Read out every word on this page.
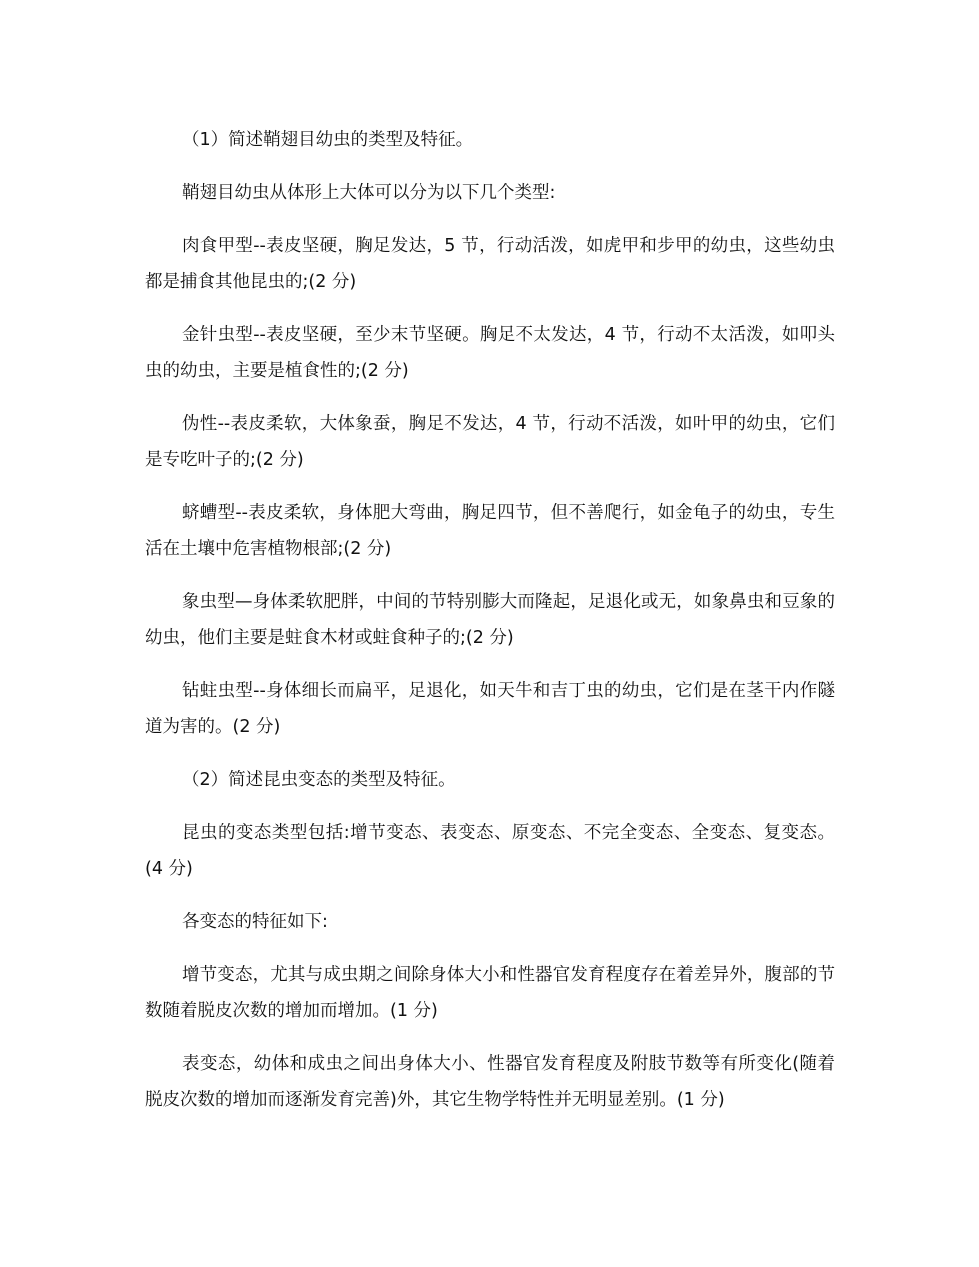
（1）简述鞘翅目幼虫的类型及特征。

鞘翅目幼虫从体形上大体可以分为以下几个类型:

肉食甲型--表皮坚硬，胸足发达，5 节，行动活泼，如虎甲和步甲的幼虫，这些幼虫都是捕食其他昆虫的;(2 分)

金针虫型--表皮坚硬，至少末节坚硬。胸足不太发达，4 节，行动不太活泼，如叩头虫的幼虫，主要是植食性的;(2 分)

伪性--表皮柔软，大体象蚕，胸足不发达，4 节，行动不活泼，如叶甲的幼虫，它们是专吃叶子的;(2 分)

蛴螬型--表皮柔软，身体肥大弯曲，胸足四节，但不善爬行，如金龟子的幼虫，专生活在土壤中危害植物根部;(2 分)

象虫型—身体柔软肥胖，中间的节特别膨大而隆起，足退化或无，如象鼻虫和豆象的幼虫，他们主要是蛀食木材或蛀食种子的;(2 分)

钻蛀虫型--身体细长而扁平，足退化，如天牛和吉丁虫的幼虫，它们是在茎干内作隧道为害的。(2 分)

（2）简述昆虫变态的类型及特征。

昆虫的变态类型包括:增节变态、表变态、原变态、不完全变态、全变态、复变态。(4 分)

各变态的特征如下:

增节变态，尤其与成虫期之间除身体大小和性器官发育程度存在着差异外，腹部的节数随着脱皮次数的增加而增加。(1 分)

表变态，幼体和成虫之间出身体大小、性器官发育程度及附肢节数等有所变化(随着脱皮次数的增加而逐渐发育完善)外，其它生物学特性并无明显差别。(1 分)
